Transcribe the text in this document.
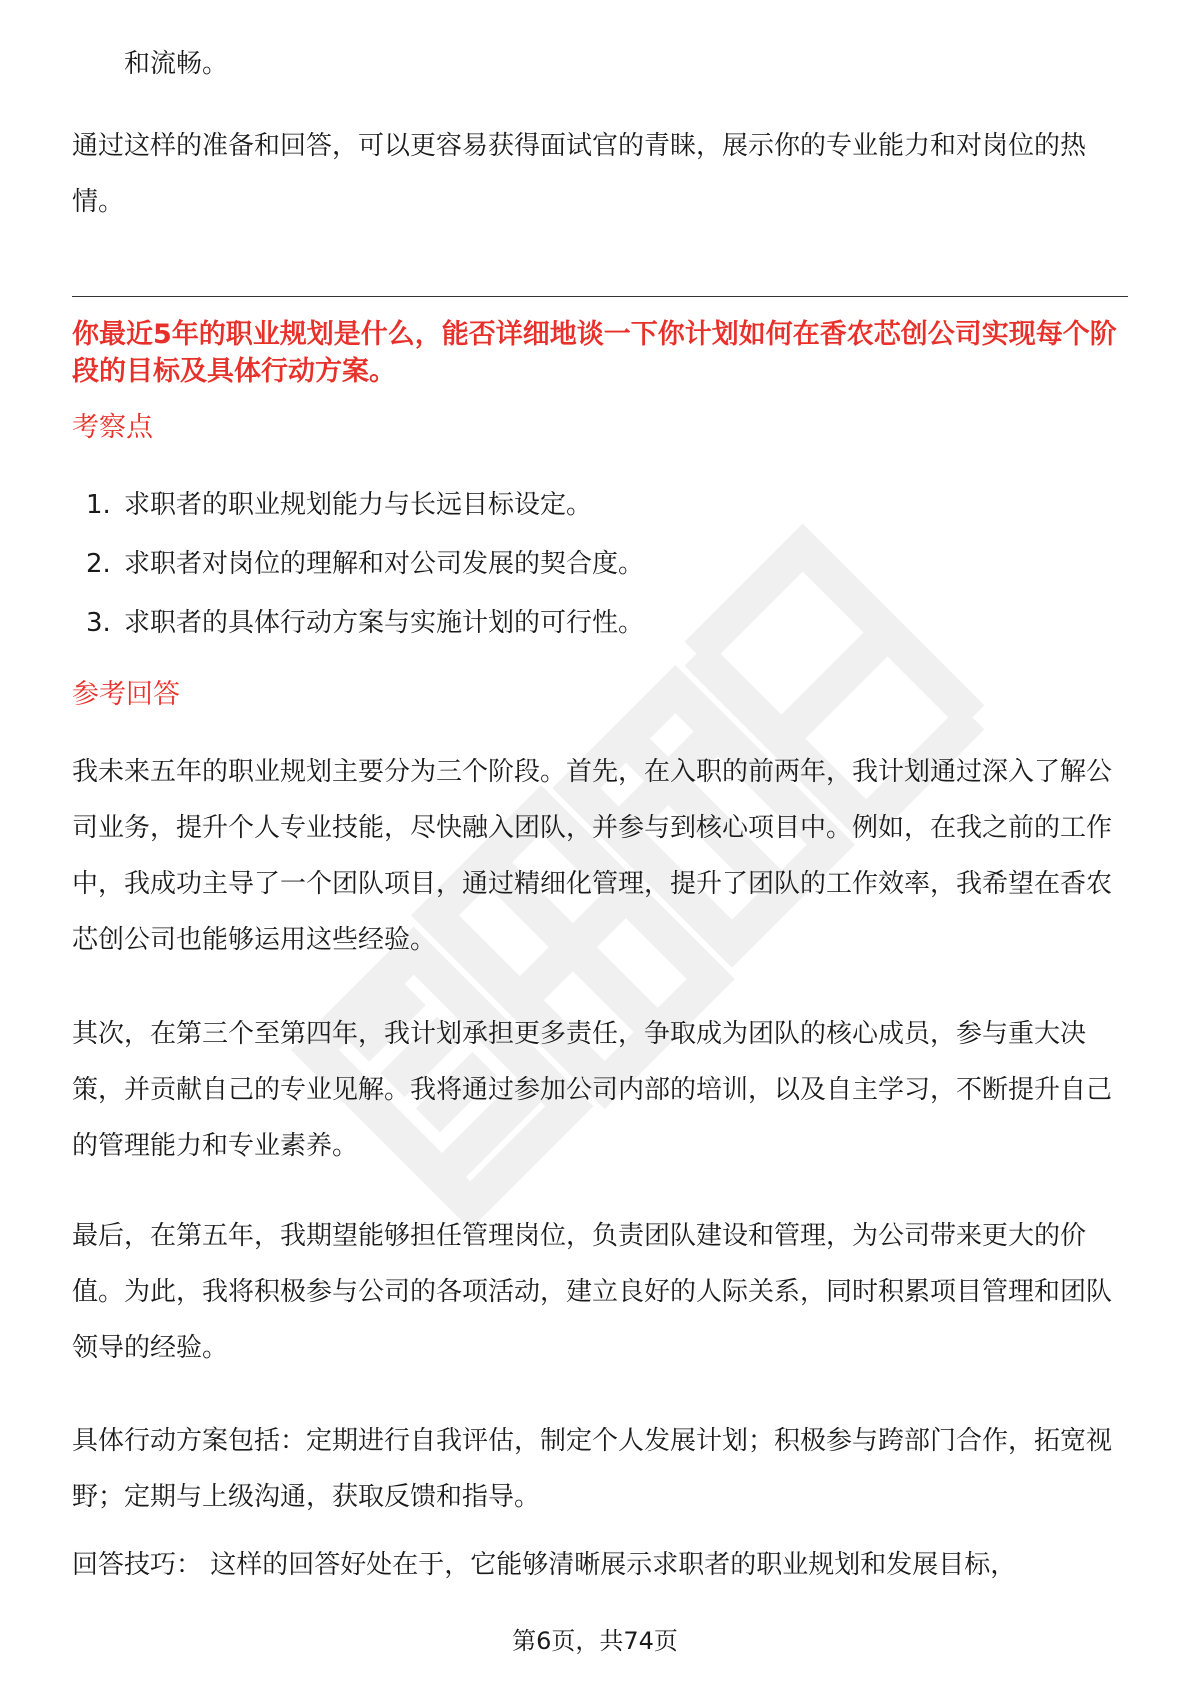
和流畅。

通过这样的准备和回答，可以更容易获得面试官的青睐，展示你的专业能力和对岗位的热情。

你最近5年的职业规划是什么，能否详细地谈一下你计划如何在香农芯创公司实现每个阶段的目标及具体行动方案。

考察点

1. 求职者的职业规划能力与长远目标设定。

2. 求职者对岗位的理解和对公司发展的契合度。

3. 求职者的具体行动方案与实施计划的可行性。

参考回答

我未来五年的职业规划主要分为三个阶段。首先，在入职的前两年，我计划通过深入了解公司业务，提升个人专业技能，尽快融入团队，并参与到核心项目中。例如，在我之前的工作中，我成功主导了一个团队项目，通过精细化管理，提升了团队的工作效率，我希望在香农芯创公司也能够运用这些经验。

其次，在第三个至第四年，我计划承担更多责任，争取成为团队的核心成员，参与重大决策，并贡献自己的专业见解。我将通过参加公司内部的培训，以及自主学习，不断提升自己的管理能力和专业素养。

最后，在第五年，我期望能够担任管理岗位，负责团队建设和管理，为公司带来更大的价值。为此，我将积极参与公司的各项活动，建立良好的人际关系，同时积累项目管理和团队领导的经验。

具体行动方案包括：定期进行自我评估，制定个人发展计划；积极参与跨部门合作，拓宽视野；定期与上级沟通，获取反馈和指导。

回答技巧： 这样的回答好处在于，它能够清晰展示求职者的职业规划和发展目标，

第6页，共74页
